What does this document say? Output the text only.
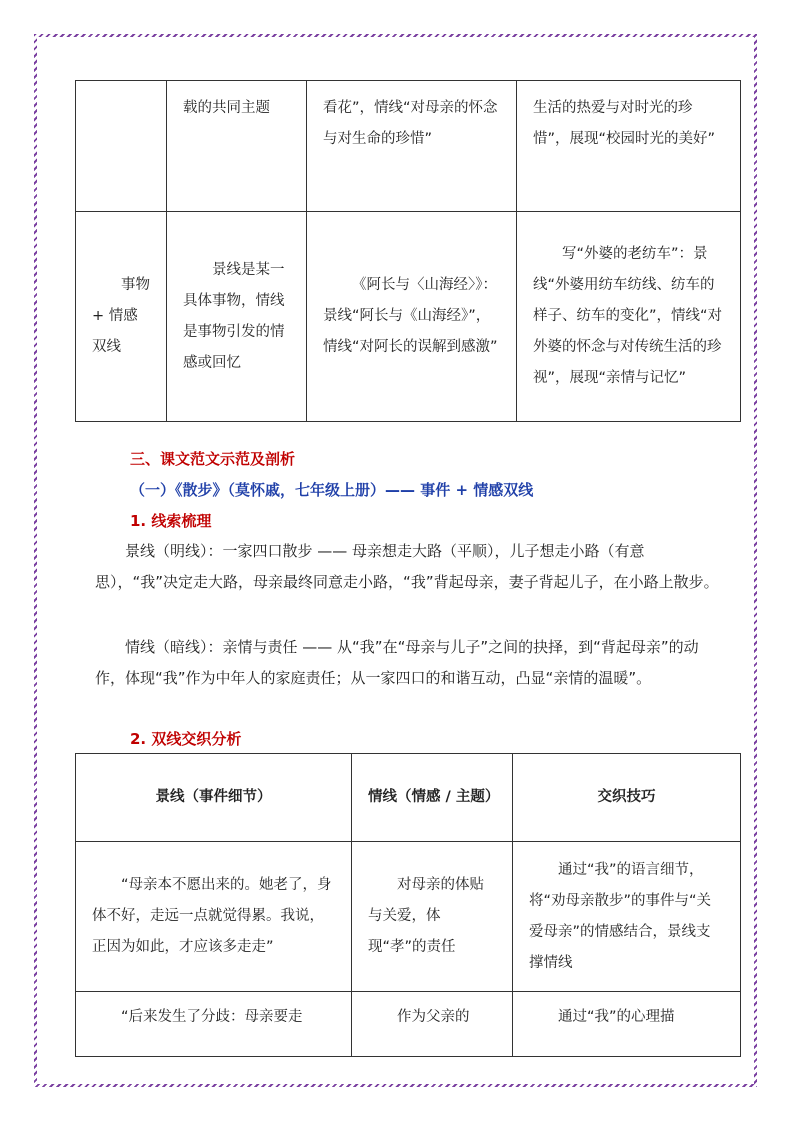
	载的共同主题	看花”，情线“对母亲的怀念与对生命的珍惜”	生活的热爱与对时光的珍惜”，展现“校园时光的美好”
事物 + 情感双线	景线是某一具体事物，情线是事物引发的情感或回忆	《阿长与〈山海经〉》：景线“阿长与《山海经》”，情线“对阿长的误解到感激”	写“外婆的老纺车”：景线“外婆用纺车纺线、纺车的样子、纺车的变化”，情线“对外婆的怀念与对传统生活的珍视”，展现“亲情与记忆”
三、课文范文示范及剖析
（一）《散步》（莫怀戚，七年级上册）—— 事件 + 情感双线
1. 线索梳理
景线（明线）：一家四口散步 —— 母亲想走大路（平顺），儿子想走小路（有意思），“我”决定走大路，母亲最终同意走小路，“我”背起母亲，妻子背起儿子，在小路上散步。
情线（暗线）：亲情与责任 —— 从“我”在“母亲与儿子”之间的抉择，到“背起母亲”的动作，体现“我”作为中年人的家庭责任；从一家四口的和谐互动，凸显“亲情的温暖”。
2. 双线交织分析
景线（事件细节）	情线（情感 / 主题）	交织技巧
“母亲本不愿出来的。她老了，身体不好，走远一点就觉得累。我说，正因为如此，才应该多走走”	对母亲的体贴与关爱，体现“孝”的责任	通过“我”的语言细节，将“劝母亲散步”的事件与“关爱母亲”的情感结合，景线支撑情线
“后来发生了分歧：母亲要走	作为父亲的	通过“我”的心理描
